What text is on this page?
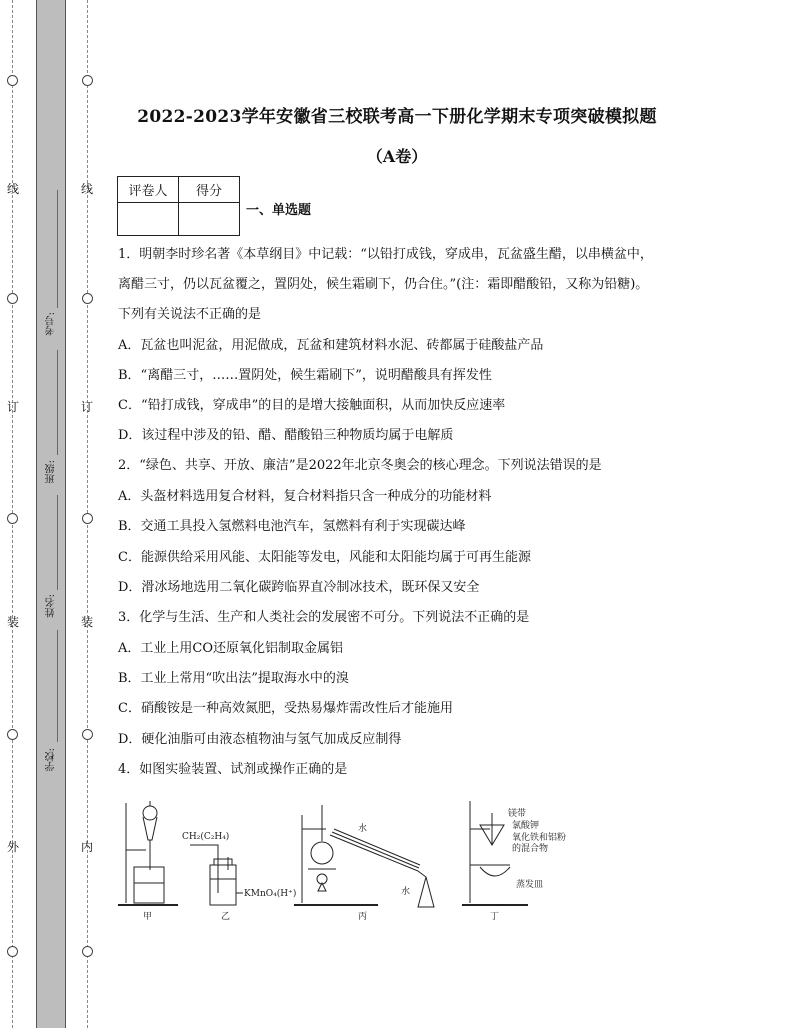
线
订
装
外
线
订
装
内
考号:
班级:
姓名:
学校:
2022-2023学年安徽省三校联考高一下册化学期末专项突破模拟题
（A卷）
评卷人	得分

一、单选题
1．明朝李时珍名著《本草纲目》中记载：“以铅打成钱，穿成串，瓦盆盛生醋，以串横盆中，
离醋三寸，仍以瓦盆覆之，置阴处，候生霜刷下，仍合住。”(注：霜即醋酸铅，又称为铅糖)。
下列有关说法不正确的是
A．瓦盆也叫泥盆，用泥做成，瓦盆和建筑材料水泥、砖都属于硅酸盐产品
B．“离醋三寸，……置阴处，候生霜刷下”，说明醋酸具有挥发性
C．“铅打成钱，穿成串”的目的是增大接触面积，从而加快反应速率
D．该过程中涉及的铅、醋、醋酸铅三种物质均属于电解质
2．“绿色、共享、开放、廉洁”是2022年北京冬奥会的核心理念。下列说法错误的是
A．头盔材料选用复合材料，复合材料指只含一种成分的功能材料
B．交通工具投入氢燃料电池汽车，氢燃料有利于实现碳达峰
C．能源供给采用风能、太阳能等发电，风能和太阳能均属于可再生能源
D．滑冰场地选用二氧化碳跨临界直冷制冰技术，既环保又安全
3．化学与生活、生产和人类社会的发展密不可分。下列说法不正确的是
A．工业上用CO还原氧化铝制取金属铝
B．工业上常用“吹出法”提取海水中的溴
C．硝酸铵是一种高效氮肥，受热易爆炸需改性后才能施用
D．硬化油脂可由液态植物油与氢气加成反应制得
4．如图实验装置、试剂或操作正确的是
甲
CH₂(C₂H₄)
KMnO₄(H⁺)
乙
水
水
丙
镁带
氯酸钾
氧化铁和铝粉
的混合物
蒸发皿
丁
